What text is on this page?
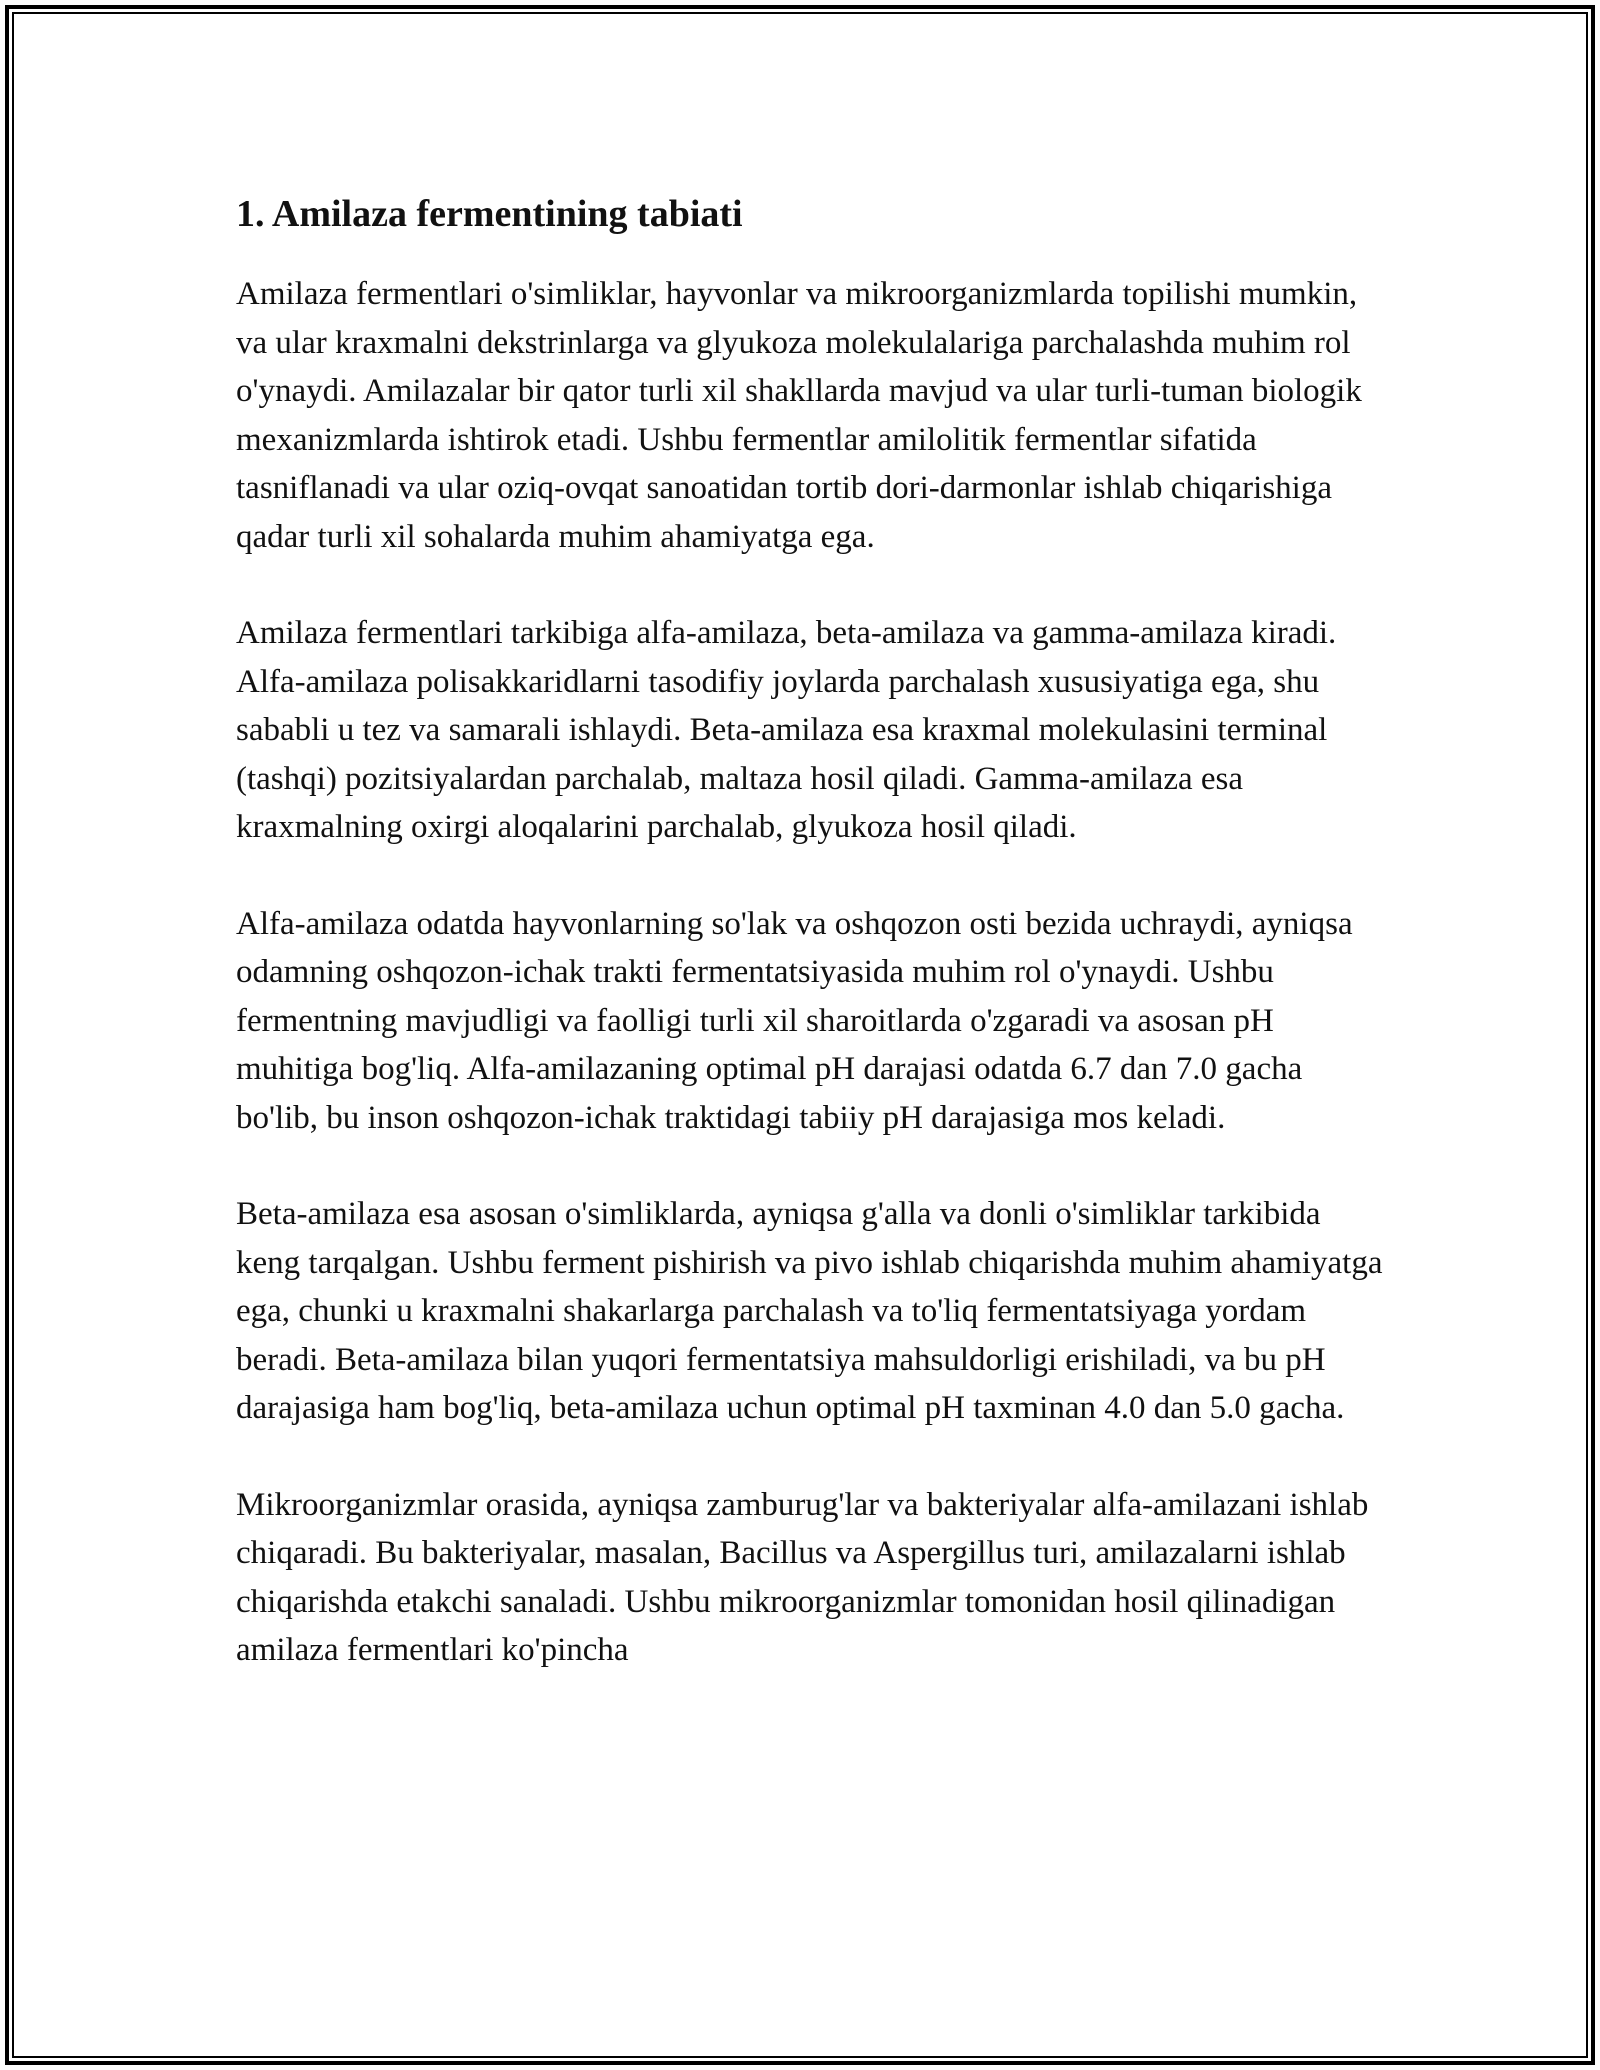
1. Amilaza fermentining tabiati

Amilaza fermentlari o'simliklar, hayvonlar va mikroorganizmlarda topilishi mumkin, va ular kraxmalni dekstrinlarga va glyukoza molekulalariga parchalashda muhim rol o'ynaydi. Amilazalar bir qator turli xil shakllarda mavjud va ular turli-tuman biologik mexanizmlarda ishtirok etadi. Ushbu fermentlar amilolitik fermentlar sifatida tasniflanadi va ular oziq-ovqat sanoatidan tortib dori-darmonlar ishlab chiqarishiga qadar turli xil sohalarda muhim ahamiyatga ega.

Amilaza fermentlari tarkibiga alfa-amilaza, beta-amilaza va gamma-amilaza kiradi. Alfa-amilaza polisakkaridlarni tasodifiy joylarda parchalash xususiyatiga ega, shu sababli u tez va samarali ishlaydi. Beta-amilaza esa kraxmal molekulasini terminal (tashqi) pozitsiyalardan parchalab, maltaza hosil qiladi. Gamma-amilaza esa kraxmalning oxirgi aloqalarini parchalab, glyukoza hosil qiladi.

Alfa-amilaza odatda hayvonlarning so'lak va oshqozon osti bezida uchraydi, ayniqsa odamning oshqozon-ichak trakti fermentatsiyasida muhim rol o'ynaydi. Ushbu fermentning mavjudligi va faolligi turli xil sharoitlarda o'zgaradi va asosan pH muhitiga bog'liq. Alfa-amilazaning optimal pH darajasi odatda 6.7 dan 7.0 gacha bo'lib, bu inson oshqozon-ichak traktidagi tabiiy pH darajasiga mos keladi.

Beta-amilaza esa asosan o'simliklarda, ayniqsa g'alla va donli o'simliklar tarkibida keng tarqalgan. Ushbu ferment pishirish va pivo ishlab chiqarishda muhim ahamiyatga ega, chunki u kraxmalni shakarlarga parchalash va to'liq fermentatsiyaga yordam beradi. Beta-amilaza bilan yuqori fermentatsiya mahsuldorligi erishiladi, va bu pH darajasiga ham bog'liq, beta-amilaza uchun optimal pH taxminan 4.0 dan 5.0 gacha.

Mikroorganizmlar orasida, ayniqsa zamburug'lar va bakteriyalar alfa-amilazani ishlab chiqaradi. Bu bakteriyalar, masalan, Bacillus va Aspergillus turi, amilazalarni ishlab chiqarishda etakchi sanaladi. Ushbu mikroorganizmlar tomonidan hosil qilinadigan amilaza fermentlari ko'pincha
